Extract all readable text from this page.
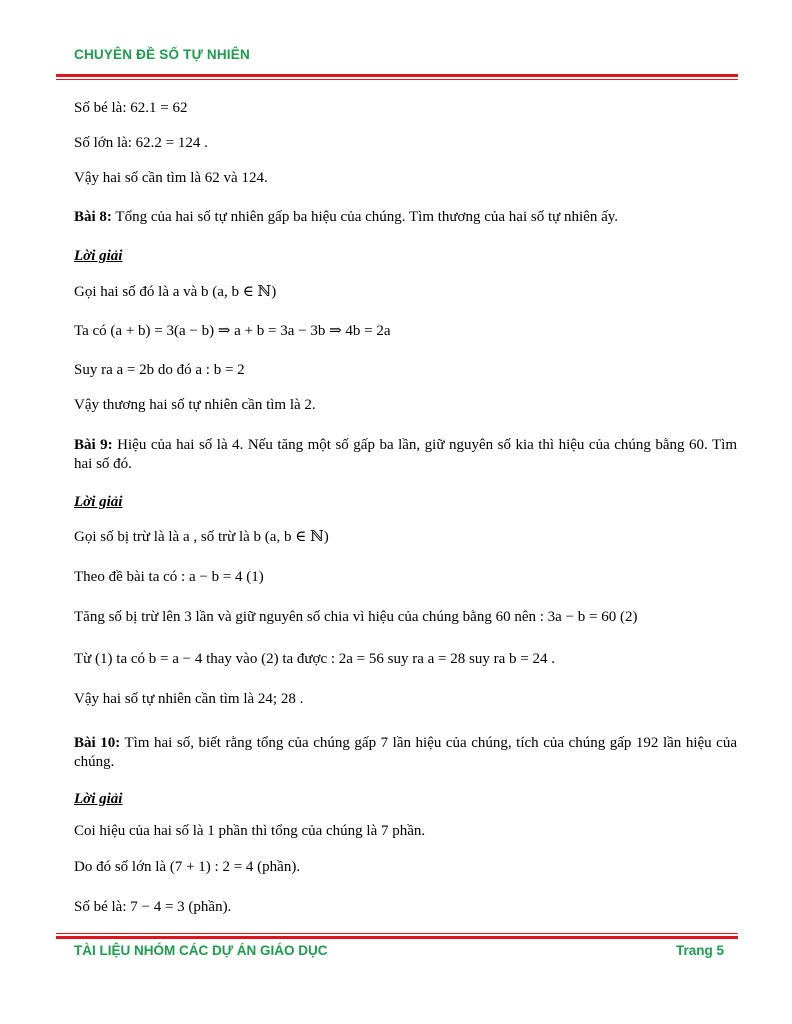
CHUYÊN ĐỀ SỐ TỰ NHIÊN
Số bé là: 62.1 = 62
Số lớn là: 62.2 = 124 .
Vậy hai số cần tìm là 62 và 124.
Bài 8: Tổng của hai số tự nhiên gấp ba hiệu của chúng. Tìm thương của hai số tự nhiên ấy.
Lời giải
Gọi hai số đó là a và b (a, b ∈ ℕ)
Ta có (a + b) = 3(a − b) ⇒ a + b = 3a − 3b ⇒ 4b = 2a
Suy ra a = 2b do đó a : b = 2
Vậy thương hai số tự nhiên cần tìm là 2.
Bài 9: Hiệu của hai số là 4. Nếu tăng một số gấp ba lần, giữ nguyên số kia thì hiệu của chúng bằng 60. Tìm hai số đó.
Lời giải
Gọi số bị trừ là là a , số trừ là b (a, b ∈ ℕ)
Theo đề bài ta có : a − b = 4 (1)
Tăng số bị trừ lên 3 lần và giữ nguyên số chia vì hiệu của chúng bằng 60 nên : 3a − b = 60 (2)
Từ (1) ta có b = a − 4 thay vào (2) ta được : 2a = 56 suy ra a = 28 suy ra b = 24 .
Vậy hai số tự nhiên cần tìm là 24; 28 .
Bài 10: Tìm hai số, biết rằng tổng của chúng gấp 7 lần hiệu của chúng, tích của chúng gấp 192 lần hiệu của chúng.
Lời giải
Coi hiệu của hai số là 1 phần thì tổng của chúng là 7 phần.
Do đó số lớn là (7 + 1) : 2 = 4 (phần).
Số bé là: 7 − 4 = 3 (phần).
TÀI LIỆU NHÓM CÁC DỰ ÁN GIÁO DỤC	Trang 5
